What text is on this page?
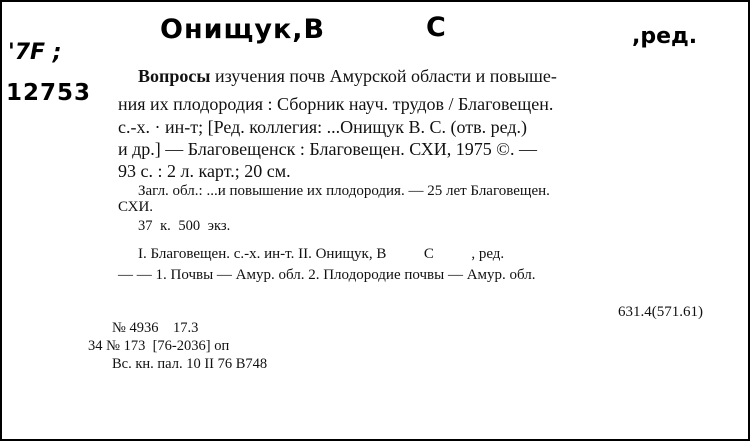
Онищук,В	С	,ред.
'7F ;
12753
Вопросы изучения почв Амурской области и повыше-
ния их плодородия : Сборник науч. трудов / Благовещен.
с.-х. · ин-т; [Ред. коллегия: ...Онищук В. С. (отв. ред.)
и др.] — Благовещенск : Благовещен. СХИ, 1975 ©. —
93 с. : 2 л. карт.; 20 см.
Загл. обл.: ...и повышение их плодородия. — 25 лет Благовещен.
СХИ.
37 к. 500 экз.
I. Благовещен. с.-х. ин-т. II. Онищук, В          С          , ред.
— — 1. Почвы — Амур. обл. 2. Плодородие почвы — Амур. обл.
631.4(571.61)
№ 4936    17.3
34 № 173  [76-2036] оп
Вс. кн. пал. 10 II 76 В748
